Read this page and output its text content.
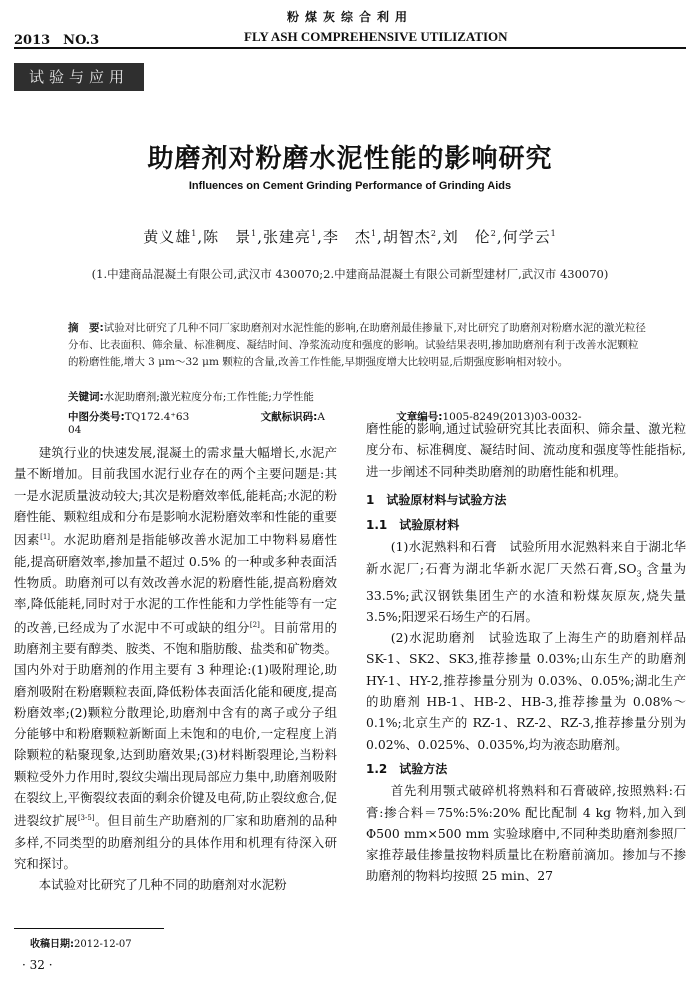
粉煤灰综合利用
2013　NO.3	FLY ASH COMPREHENSIVE UTILIZATION
试验与应用
助磨剂对粉磨水泥性能的影响研究
Influences on Cement Grinding Performance of Grinding Aids
黄义雄$^1$,陈　景$^1$,张建亮$^1$,李　杰$^1$,胡智杰$^2$,刘　伦$^2$,何学云$^1$
(1.中建商品混凝土有限公司,武汉市 430070;2.中建商品混凝土有限公司新型建材厂,武汉市 430070)
摘　要:试验对比研究了几种不同厂家助磨剂对水泥性能的影响,在助磨剂最佳掺量下,对比研究了助磨剂对粉磨水泥的激光粒径分布、比表面积、筛余量、标准稠度、凝结时间、净浆流动度和强度的影响。试验结果表明,掺加助磨剂有利于改善水泥颗粒的粉磨性能,增大 3 μm～32 μm 颗粒的含量,改善工作性能,早期强度增大比较明显,后期强度影响相对较小。
关键词:水泥助磨剂;激光粒度分布;工作性能;力学性能
中图分类号:TQ172.4⁺63	文献标识码:A	文章编号:1005-8249(2013)03-0032-04

建筑行业的快速发展,混凝土的需求量大幅增长,水泥产量不断增加。目前我国水泥行业存在的两个主要问题是:其一是水泥质量波动较大;其次是粉磨效率低,能耗高;水泥的粉磨性能、颗粒组成和分布是影响水泥粉磨效率和性能的重要因素[1]。水泥助磨剂是指能够改善水泥加工中物料易磨性能,提高研磨效率,掺加量不超过 0.5% 的一种或多种表面活性物质。助磨剂可以有效改善水泥的粉磨性能,提高粉磨效率,降低能耗,同时对于水泥的工作性能和力学性能等有一定的改善,已经成为了水泥中不可或缺的组分[2]。目前常用的助磨剂主要有醇类、胺类、不饱和脂肪酸、盐类和矿物类。国内外对于助磨剂的作用主要有 3 种理论:(1)吸附理论,助磨剂吸附在粉磨颗粒表面,降低粉体表面活化能和硬度,提高粉磨效率;(2)颗粒分散理论,助磨剂中含有的离子或分子组分能够中和粉磨颗粒新断面上未饱和的电价,一定程度上消除颗粒的粘聚现象,达到助磨效果;(3)材料断裂理论,当粉料颗粒受外力作用时,裂纹尖端出现局部应力集中,助磨剂吸附在裂纹上,平衡裂纹表面的剩余价键及电荷,防止裂纹愈合,促进裂纹扩展[3-5]。但目前生产助磨剂的厂家和助磨剂的品种多样,不同类型的助磨剂组分的具体作用和机理有待深入研究和探讨。

本试验对比研究了几种不同的助磨剂对水泥粉

磨性能的影响,通过试验研究其比表面积、筛余量、激光粒度分布、标准稠度、凝结时间、流动度和强度等性能指标,进一步阐述不同种类助磨剂的助磨性能和机理。

1　试验原材料与试验方法

1.1　试验原材料

(1)水泥熟料和石膏　试验所用水泥熟料来自于湖北华新水泥厂;石膏为湖北华新水泥厂天然石膏$,SO_3$ 含量为 33.5%;武汉钢铁集团生产的水渣和粉煤灰原灰,烧失量 3.5%;阳逻采石场生产的石屑。

(2)水泥助磨剂　试验选取了上海生产的助磨剂样品 SK-1、SK2、SK3,推荐掺量 0.03%;山东生产的助磨剂 HY-1、HY-2,推荐掺量分别为 0.03%、0.05%;湖北生产的助磨剂 HB-1、HB-2、HB-3,推荐掺量为 0.08%～0.1%;北京生产的 RZ-1、RZ-2、RZ-3,推荐掺量分别为 0.02%、0.025%、0.035%,均为液态助磨剂。

1.2　试验方法

首先利用颚式破碎机将熟料和石膏破碎,按照熟料:石膏:掺合料＝75%:5%:20% 配比配制 4 kg 物料,加入到 Φ500 mm×500 mm 实验球磨中,不同种类助磨剂参照厂家推荐最佳掺量按物料质量比在粉磨前滴加。掺加与不掺助磨剂的物料均按照 25 min、27

收稿日期:2012-12-07
· 32 ·
